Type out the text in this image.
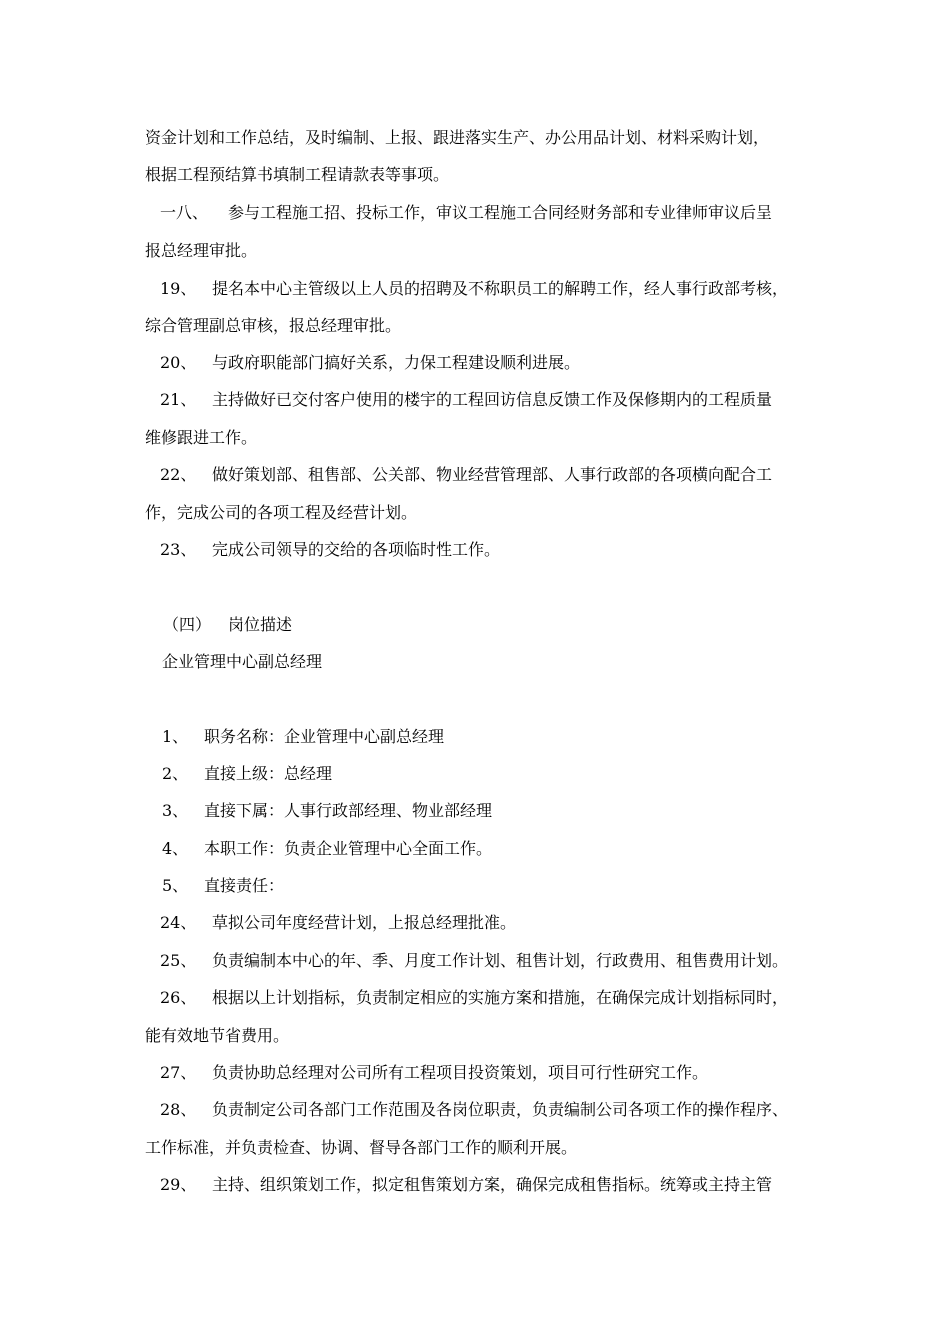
资金计划和工作总结，及时编制、上报、跟进落实生产、办公用品计划、材料采购计划，
根据工程预结算书填制工程请款表等事项。
一八、 参与工程施工招、投标工作，审议工程施工合同经财务部和专业律师审议后呈
报总经理审批。
19、 提名本中心主管级以上人员的招聘及不称职员工的解聘工作，经人事行政部考核，
综合管理副总审核，报总经理审批。
20、 与政府职能部门搞好关系，力保工程建设顺利进展。
21、 主持做好已交付客户使用的楼宇的工程回访信息反馈工作及保修期内的工程质量
维修跟进工作。
22、 做好策划部、租售部、公关部、物业经营管理部、人事行政部的各项横向配合工
作，完成公司的各项工程及经营计划。
23、 完成公司领导的交给的各项临时性工作。
（四） 岗位描述
企业管理中心副总经理
1、 职务名称：企业管理中心副总经理
2、 直接上级：总经理
3、 直接下属：人事行政部经理、物业部经理
4、 本职工作：负责企业管理中心全面工作。
5、 直接责任：
24、 草拟公司年度经营计划，上报总经理批准。
25、 负责编制本中心的年、季、月度工作计划、租售计划，行政费用、租售费用计划。
26、 根据以上计划指标，负责制定相应的实施方案和措施，在确保完成计划指标同时，
能有效地节省费用。
27、 负责协助总经理对公司所有工程项目投资策划，项目可行性研究工作。
28、 负责制定公司各部门工作范围及各岗位职责，负责编制公司各项工作的操作程序、
工作标准，并负责检查、协调、督导各部门工作的顺利开展。
29、 主持、组织策划工作，拟定租售策划方案，确保完成租售指标。统筹或主持主管
